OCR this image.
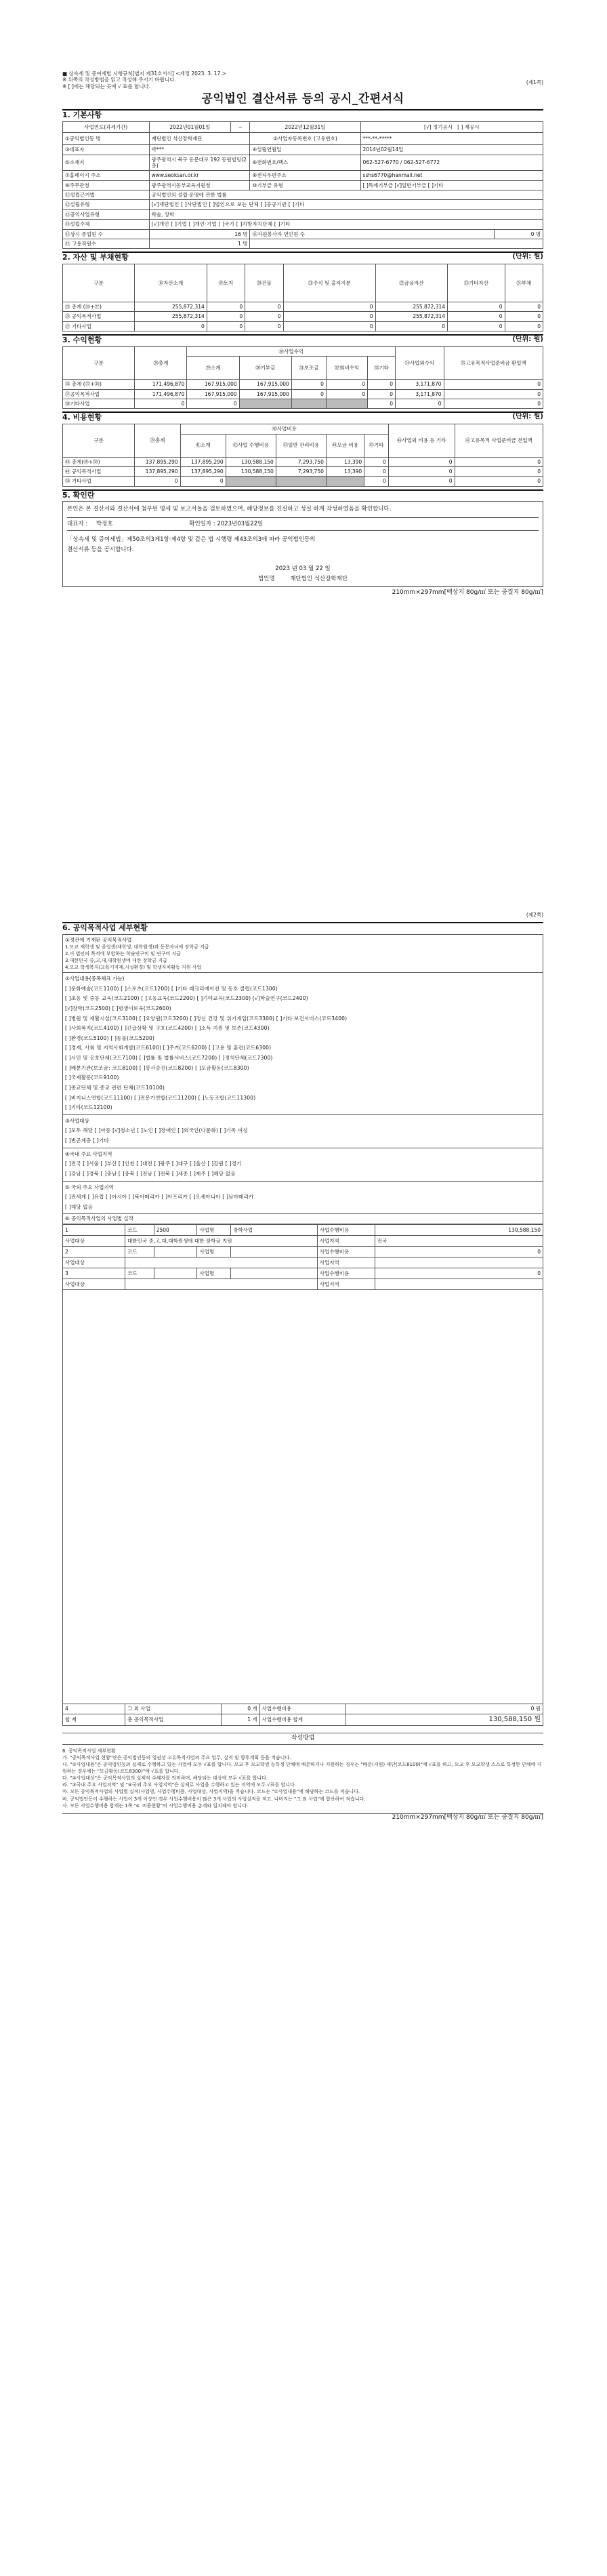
■ 상속세 및 증여세법 시행규칙[별지 제31호서식] <개정 2023. 3. 17.>
※ 뒤쪽의 작성방법을 읽고 작성해 주시기 바랍니다.	(제1쪽)
※ [ ]에는 해당되는 곳에 √ 표를 합니다.
공익법인 결산서류 등의 공시_간편서식
1. 기본사항
사업연도(과세기간)	2022년01월01일	~	2022년12월31일	[√] 정기공시 [ ] 재공시	
①공익법인등 명	재단법인 석산장학재단		②사업자등록번호 (고유번호)	***-**-*****	
③대표자	박***		④설립연월일	2014년02월14일	
⑤소재지	광주광역시 북구 동문대로 192 동원빌딩(2층)		⑥전화번호/팩스	062-527-6770 / 062-527-6772	
⑦홈페이지 주소	www.seoksan.or.kr		⑧전자우편주소	sshs6770@hanmail.net	
⑨주무관청	광주광역시동부교육지원청		⑩기부금 유형	[ ]특례기부금 [√]일반기부금 [ ]기타	
⑪설립근거법	공익법인의 설립·운영에 관한 법률				
⑫설립유형	[√]재단법인 [ ]사단법인 [ ]법인으로 보는 단체 [ ]공공기관 [ ]기타				
⑬공익사업유형	학술, 장학				
⑭설립주체	[√]개인 [ ]기업 [ ]개인·기업 [ ]국가 [ ]지방자치단체 [ ]기타				
⑮상시 종업원 수	16 명		⑯자원봉사자 연인원 수		0 명
⑰ 고용직원수	1 명				
2. 자산 및 부채현황	(단위: 원)
구분	⑱자산소계	⑲토지	⑳건물	㉑주식 및 출자지분	㉒금융자산	㉓기타자산	㉔부채
㉕ 총계 (㉖+㉗)	255,872,314	0	0	0	255,872,314	0	0
㉖ 공익목적사업	255,872,314	0	0	0	255,872,314	0	0
㉗ 기타사업	0	0	0	0	0	0	0
3. 수익현황	(단위: 원)
구분	㉘총계	⑳사업수익					㉞사업외수익	㉟고유목적사업준비금 환입액
		㉙소계	㉚기부금	㉛보조금	㉜회비수익	㉝기타		
㊱ 총계 (㊲+㊳)	171,496,870	167,915,000	167,915,000	0	0	0	3,171,870	0
㊲공익목적사업	171,496,870	167,915,000	167,915,000	0	0	0	3,171,870	0
㊳기타사업	0	0				0	0	0
4. 비용현황	(단위: 원)
구분	㊴총계	㊵사업비용					㊻사업외 비용 등 기타	㊼고유목적 사업준비금 전입액
		㊶소계	㊷사업 수행비용	㊸일반 관리비용	㊹모금 비용	㊺기타		
㊽ 총계(㊾+㊿)	137,895,290	137,895,290	130,588,150	7,293,750	13,390	0	0	0
㊾ 공익목적사업	137,895,290	137,895,290	130,588,150	7,293,750	13,390	0	0	0
㊿ 기타사업	0	0				0	0	0
5. 확인란
본인은 본 결산서와 결산서에 첨부된 명세 및 보고서들을 검토하였으며, 해당정보를 진실하고 성실 하게 작성하였음을 확인합니다.
대표자 : 박정호	확인일자 : 2023년03월22일
「상속세 및 증여세법」제50조의3제1항·제4항 및 같은 법 시행령 제43조의3에 따라 공익법인등의
결산서류 등을 공시합니다.
2023 년 03 월 22 일
법인명	재단법인 석산장학재단
210mm×297mm[백상지 80g/㎡ 또는 중질지 80g/㎡]
(제2쪽)
6. 공익목적사업 세부현황
①정관에 기재된 공익목적사업
1.모교 재학생 및 졸업생(재학생, 대학원생)과 동문자녀에 장학금 지급
2.이 법인의 목적에 부합하는 학술연구비 및 연구비 지급
3.대한민국 중,고,대,대학원생에 대한 장학금 지급
4.모교 학생복지(교육기자재,시설환경) 및 학생자치활동 지원 사업

②사업내용(중복체크 가능)
[ ]문화예술(코드1100) [ ]스포츠(코드1200) [ ]기타 레크리에이션 및 동호 클럽(코드1300)
[ ]초등 및 중등 교육(코드2100) [ ]고등교육(코드2200) [ ]기타교육(코드2300) [√]학술연구(코드2400)
[√]장학(코드2500) [ ]평생이로육(코드2600)
[ ]병원 및 재활시설(코드3100) [ ]요양원(코드3200) [ ]정신 건강 및 위기개입(코드3300) [ ]기타 보건서비스(코드3400)
[ ]사회복지(코드4100) [ ]긴급상황 및 구호(코드4200) [ ]소득 지원 및 보존(코드4300)
[ ]환경(코드5100) [ ]동물(코드5200)
[ ]경제, 사회 및 지역사회개발(코드6100) [ ]주거(코드6200) [ ]고용 및 훈련(코드6300)
[ ]시민 및 옹호단체(코드7100) [ ]법률 및 법률서비스(코드7200) [ ]정치단체(코드7300)
[ ]배분기관(보조금: 코드8100) [ ]봉사증진(코드8200) [ ]모금활동(코드8300)
[ ]국제활동(코드9100)
[ ]종교단체 및 종교 관련 단체(코드10100)
[ ]비지니스연합(코드11100) [ ]전문가연합(코드11200) [ ]노동조합(코드11300)
[ ]기타(코드12100)

③사업대상
[ ]모두 해당 [ ]아동 [√]청소년 [ ]노인 [ ]장애인 [ ]외국인(다문화) [ ]기족 여성
[ ]빈곤계층 [ ]기타

④국내 주요 사업지역
[ ]전국 [ ]서울 [ ]부산 [ ]인천 [ ]대전 [ ]광주 [ ]대구 [ ]울산 [ ]강원 [ ]경기
[ ]강남 [ ]경북 [ ]충남 [ ]충북 [ ]전남 [ ]전북 [ ]세종 [ ]제주 [ ]해당 없음

⑤ 국외 주요 사업지역
[ ]전세계 [ ]유럽 [ ]아시아 [ ]북아메리카 [ ]아프리카 [ ]오세아니아 [ ]남아메리카
[ ]해당 없음

⑥ 공익목적사업의 사업별 실적
1	코드	2500	사업명	장학사업	사업수행비용	130,588,150
사업대상	대한민국 중,고,대,대학원생에 대한 장학금 지원				사업지역	전국
2	코드		사업명		사업수행비용	0
사업대상					사업지역	
3	코드		사업명		사업수행비용	0
사업대상					사업지역	
4	그 외 사업	0 개	사업수행비용	0 원
합 계	총 공익목적사업	1 개	사업수행비용 합계	130,588,150 원
작성방법
6. 공익목적사업 세부현황
가. "공익목적사업 현황"란은 공익법인등의 업권상 고유목적사업의 주요 업무, 실적 및 향후계획 등을 적습니다.
나. "①사업내용"은 공익법인등의 실제로 수행하고 있는 사업에 모두 √표를 합니다. 모교 후 모교학생 등특정 단체에 배분하거나 지원하는 경우는 "배분(지원) 재단(코드8100)"에 √표를 하고, 모교 후 모교학생 스스로 특정한 단체에 지원하는 경우에는 "모금활동(코드8300)"에 √표를 합니다.
다. "②사업대상"은 공익목적사업의 실제적 수혜자를 의미하며, 해당되는 대상에 모두 √표를 합니다.
라. "③국내 주요 사업지역" 및 "④국외 주요 사업지역"은 실제로 사업을 수행하고 있는 지역에 모두 √표를 합니다.
마. 모든 공익목적사업의 사업별 실적(사업명, 사업수행비용, 사업대상, 사업지역)을 적습니다. 코드는 "①사업내용"에 해당하는 코드를 적습니다.
바. 공익법인등이 수행하는 사업이 3개 이상인 경우 사업수행비용이 많은 3개 사업의 사업실적을 적고, 나머지는 "그 외 사업"에 합산하여 적습니다.
사. 모든 사업수행비용 합계는 1쪽 "4. 비용현황"의 사업수행비용 총계와 일치해야 합니다.
210mm×297mm[백상지 80g/㎡ 또는 중질지 80g/㎡]
